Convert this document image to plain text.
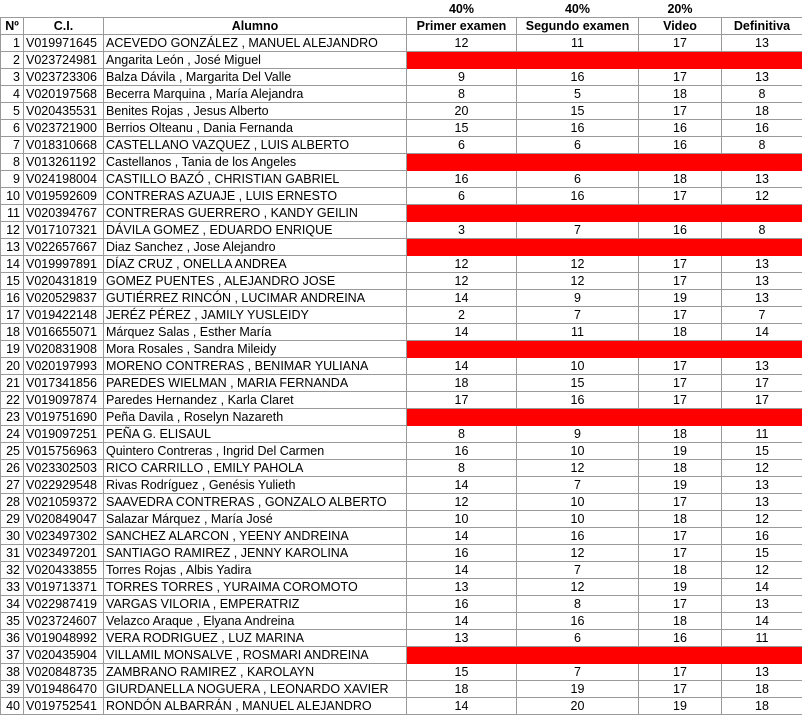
			40%	40%	20%	
Nº	C.I.	Alumno	Primer examen	Segundo examen	Video	Definitiva
1	V019971645	ACEVEDO GONZÁLEZ , MANUEL ALEJANDRO	12	11	17	13
2	V023724981	Angarita León , José Miguel				
3	V023723306	Balza Dávila , Margarita Del Valle	9	16	17	13
4	V020197568	Becerra Marquina , María Alejandra	8	5	18	8
5	V020435531	Benites Rojas , Jesus Alberto	20	15	17	18
6	V023721900	Berrios Olteanu , Dania Fernanda	15	16	16	16
7	V018310668	CASTELLANO VAZQUEZ , LUIS ALBERTO	6	6	16	8
8	V013261192	Castellanos , Tania de los Angeles				
9	V024198004	CASTILLO BAZÓ , CHRISTIAN GABRIEL	16	6	18	13
10	V019592609	CONTRERAS AZUAJE , LUIS ERNESTO	6	16	17	12
11	V020394767	CONTRERAS GUERRERO , KANDY GEILIN				
12	V017107321	DÁVILA GOMEZ , EDUARDO ENRIQUE	3	7	16	8
13	V022657667	Diaz Sanchez , Jose Alejandro				
14	V019997891	DÍAZ CRUZ , ONELLA ANDREA	12	12	17	13
15	V020431819	GOMEZ PUENTES , ALEJANDRO JOSE	12	12	17	13
16	V020529837	GUTIÉRREZ RINCÓN , LUCIMAR ANDREINA	14	9	19	13
17	V019422148	JERÉZ PÉREZ , JAMILY YUSLEIDY	2	7	17	7
18	V016655071	Márquez Salas , Esther María	14	11	18	14
19	V020831908	Mora Rosales , Sandra Mileidy				
20	V020197993	MORENO CONTRERAS , BENIMAR YULIANA	14	10	17	13
21	V017341856	PAREDES WIELMAN , MARIA FERNANDA	18	15	17	17
22	V019097874	Paredes Hernandez , Karla Claret	17	16	17	17
23	V019751690	Peña Davila , Roselyn Nazareth				
24	V019097251	PEÑA G. ELISAUL	8	9	18	11
25	V015756963	Quintero Contreras , Ingrid Del Carmen	16	10	19	15
26	V023302503	RICO CARRILLO , EMILY PAHOLA	8	12	18	12
27	V022929548	Rivas Rodríguez , Genésis Yulieth	14	7	19	13
28	V021059372	SAAVEDRA CONTRERAS , GONZALO ALBERTO	12	10	17	13
29	V020849047	Salazar Márquez , María José	10	10	18	12
30	V023497302	SANCHEZ ALARCON , YEENY ANDREINA	14	16	17	16
31	V023497201	SANTIAGO RAMIREZ , JENNY KAROLINA	16	12	17	15
32	V020433855	Torres Rojas , Albis Yadira	14	7	18	12
33	V019713371	TORRES TORRES , YURAIMA COROMOTO	13	12	19	14
34	V022987419	VARGAS VILORIA , EMPERATRIZ	16	8	17	13
35	V023724607	Velazco Araque , Elyana Andreina	14	16	18	14
36	V019048992	VERA RODRIGUEZ , LUZ MARINA	13	6	16	11
37	V020435904	VILLAMIL MONSALVE , ROSMARI ANDREINA				
38	V020848735	ZAMBRANO RAMIREZ , KAROLAYN	15	7	17	13
39	V019486470	GIURDANELLA NOGUERA , LEONARDO XAVIER	18	19	17	18
40	V019752541	RONDÓN ALBARRÁN , MANUEL ALEJANDRO	14	20	19	18
